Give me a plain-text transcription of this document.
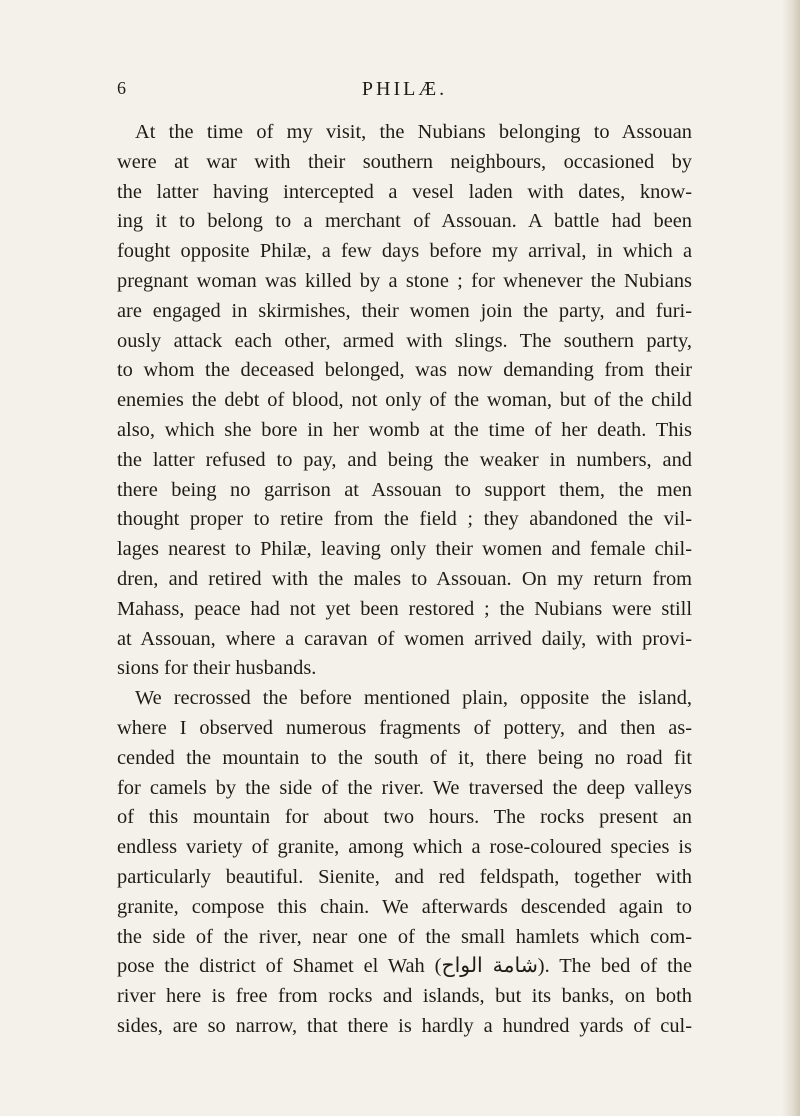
6	PHILÆ.
At the time of my visit, the Nubians belonging to Assouan
were at war with their southern neighbours, occasioned by
the latter having intercepted a vesel laden with dates, know-
ing it to belong to a merchant of Assouan. A battle had been
fought opposite Philæ, a few days before my arrival, in which a
pregnant woman was killed by a stone ; for whenever the Nubians
are engaged in skirmishes, their women join the party, and furi-
ously attack each other, armed with slings. The southern party,
to whom the deceased belonged, was now demanding from their
enemies the debt of blood, not only of the woman, but of the child
also, which she bore in her womb at the time of her death. This
the latter refused to pay, and being the weaker in numbers, and
there being no garrison at Assouan to support them, the men
thought proper to retire from the field ; they abandoned the vil-
lages nearest to Philæ, leaving only their women and female chil-
dren, and retired with the males to Assouan. On my return from
Mahass, peace had not yet been restored ; the Nubians were still
at Assouan, where a caravan of women arrived daily, with provi-
sions for their husbands.
We recrossed the before mentioned plain, opposite the island,
where I observed numerous fragments of pottery, and then as-
cended the mountain to the south of it, there being no road fit
for camels by the side of the river. We traversed the deep valleys
of this mountain for about two hours. The rocks present an
endless variety of granite, among which a rose-coloured species is
particularly beautiful. Sienite, and red feldspath, together with
granite, compose this chain. We afterwards descended again to
the side of the river, near one of the small hamlets which com-
pose the district of Shamet el Wah (شامة الواح). The bed of the
river here is free from rocks and islands, but its banks, on both
sides, are so narrow, that there is hardly a hundred yards of cul-
